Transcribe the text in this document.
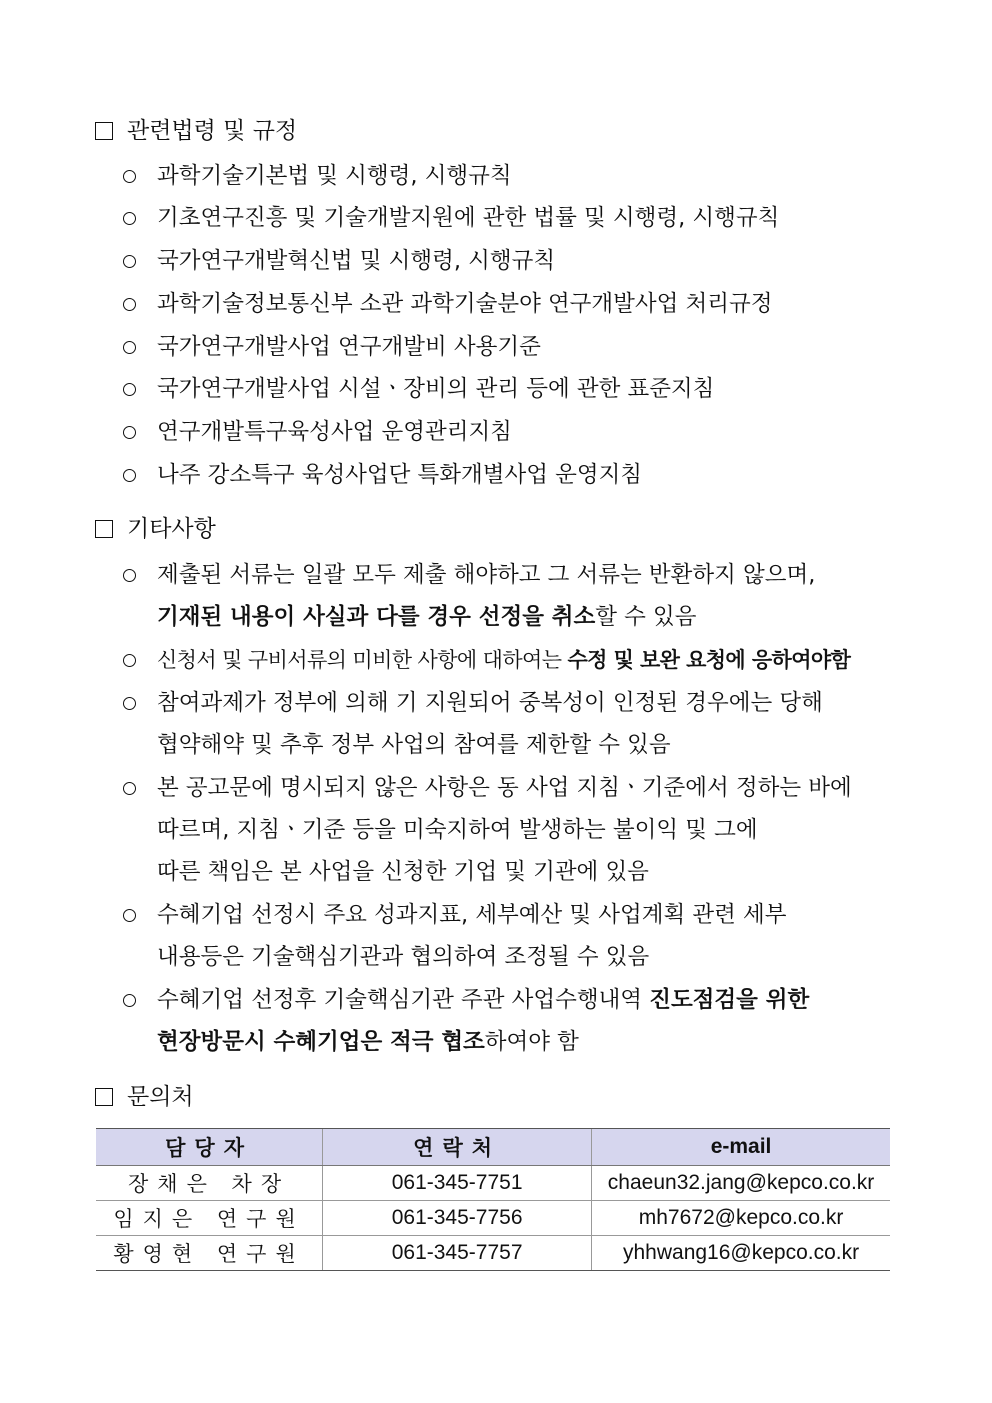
관련법령 및 규정
과학기술기본법 및 시행령, 시행규칙
기초연구진흥 및 기술개발지원에 관한 법률 및 시행령, 시행규칙
국가연구개발혁신법 및 시행령, 시행규칙
과학기술정보통신부 소관 과학기술분야 연구개발사업 처리규정
국가연구개발사업 연구개발비 사용기준
국가연구개발사업 시설ㆍ장비의 관리 등에 관한 표준지침
연구개발특구육성사업 운영관리지침
나주 강소특구 육성사업단 특화개별사업 운영지침
기타사항
제출된 서류는 일괄 모두 제출 해야하고 그 서류는 반환하지 않으며,
기재된 내용이 사실과 다를 경우 선정을 취소할 수 있음
신청서 및 구비서류의 미비한 사항에 대하여는 수정 및 보완 요청에 응하여야함
참여과제가 정부에 의해 기 지원되어 중복성이 인정된 경우에는 당해
협약해약 및 추후 정부 사업의 참여를 제한할 수 있음
본 공고문에 명시되지 않은 사항은 동 사업 지침ㆍ기준에서 정하는 바에
따르며, 지침ㆍ기준 등을 미숙지하여 발생하는 불이익 및 그에
따른 책임은 본 사업을 신청한 기업 및 기관에 있음
수혜기업 선정시 주요 성과지표, 세부예산 및 사업계획 관련 세부
내용등은 기술핵심기관과 협의하여 조정될 수 있음
수혜기업 선정후 기술핵심기관 주관 사업수행내역 진도점검을 위한
현장방문시 수혜기업은 적극 협조하여야 함
문의처
담당자	연락처	e-mail
장채은 차장	061-345-7751	chaeun32.jang@kepco.co.kr
임지은 연구원	061-345-7756	mh7672@kepco.co.kr
황영현 연구원	061-345-7757	yhhwang16@kepco.co.kr
